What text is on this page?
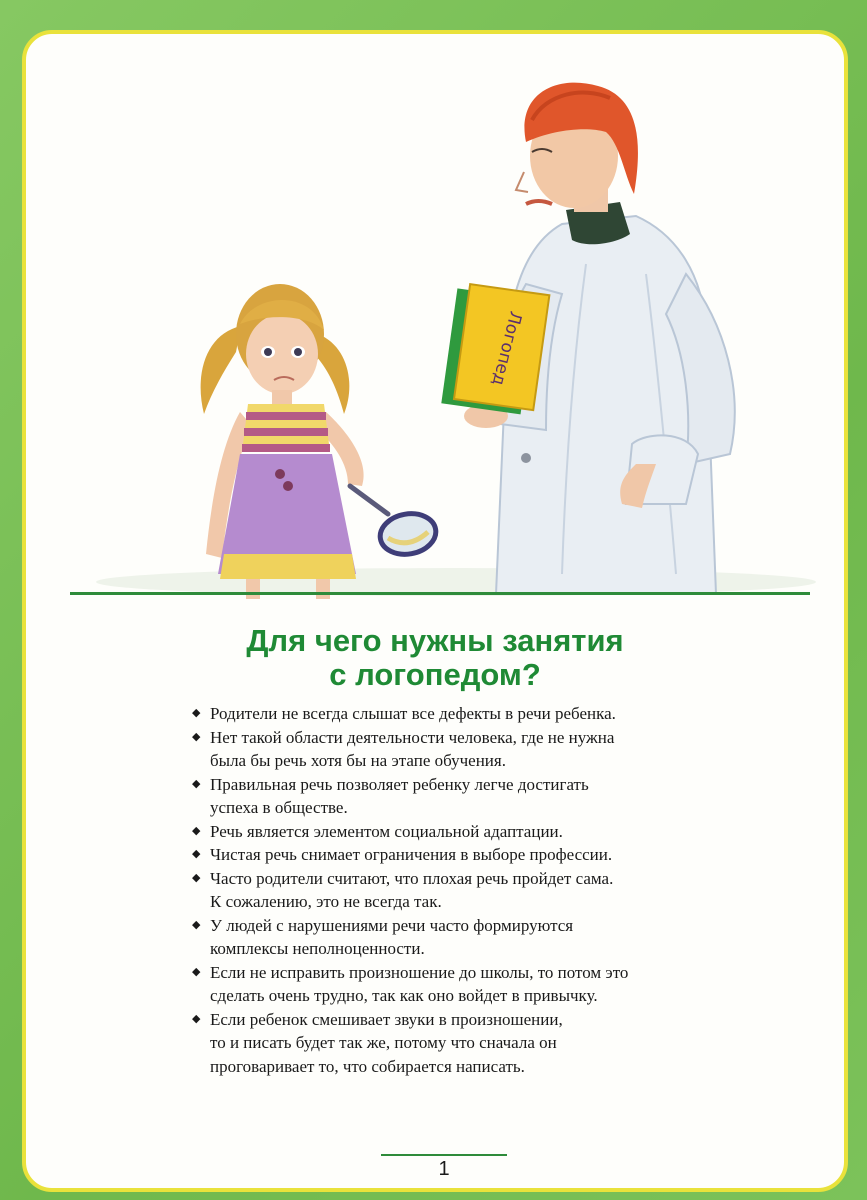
Логопед
Для чего нужны занятия
с логопедом?
◆ Родители не всегда слышат все дефекты в речи ребенка.
◆ Нет такой области деятельности человека, где не нужна
была бы речь хотя бы на этапе обучения.
◆ Правильная речь позволяет ребенку легче достигать
успеха в обществе.
◆ Речь является элементом социальной адаптации.
◆ Чистая речь снимает ограничения в выборе профессии.
◆ Часто родители считают, что плохая речь пройдет сама.
К сожалению, это не всегда так.
◆ У людей с нарушениями речи часто формируются
комплексы неполноценности.
◆ Если не исправить произношение до школы, то потом это
сделать очень трудно, так как оно войдет в привычку.
◆ Если ребенок смешивает звуки в произношении,
то и писать будет так же, потому что сначала он
проговаривает то, что собирается написать.
1
